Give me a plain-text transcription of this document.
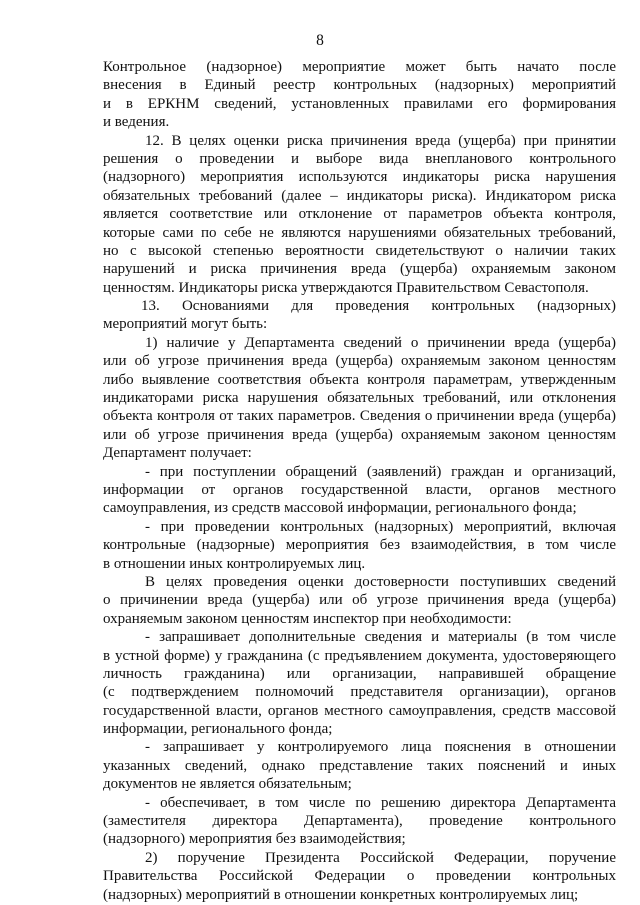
8
Контрольное (надзорное) мероприятие может быть начато после
внесения в Единый реестр контрольных (надзорных) мероприятий
и в ЕРКНМ сведений, установленных правилами его формирования
и ведения.
12. В целях оценки риска причинения вреда (ущерба) при принятии
решения о проведении и выборе вида внепланового контрольного
(надзорного) мероприятия используются индикаторы риска нарушения
обязательных требований (далее – индикаторы риска). Индикатором риска
является соответствие или отклонение от параметров объекта контроля,
которые сами по себе не являются нарушениями обязательных требований,
но с высокой степенью вероятности свидетельствуют о наличии таких
нарушений и риска причинения вреда (ущерба) охраняемым законом
ценностям. Индикаторы риска утверждаются Правительством Севастополя.
13. Основаниями для проведения контрольных (надзорных)
мероприятий могут быть:
1) наличие у Департамента сведений о причинении вреда (ущерба)
или об угрозе причинения вреда (ущерба) охраняемым законом ценностям
либо выявление соответствия объекта контроля параметрам, утвержденным
индикаторами риска нарушения обязательных требований, или отклонения
объекта контроля от таких параметров. Сведения о причинении вреда (ущерба)
или об угрозе причинения вреда (ущерба) охраняемым законом ценностям
Департамент получает:
- при поступлении обращений (заявлений) граждан и организаций,
информации от органов государственной власти, органов местного
самоуправления, из средств массовой информации, регионального фонда;
- при проведении контрольных (надзорных) мероприятий, включая
контрольные (надзорные) мероприятия без взаимодействия, в том числе
в отношении иных контролируемых лиц.
В целях проведения оценки достоверности поступивших сведений
о причинении вреда (ущерба) или об угрозе причинения вреда (ущерба)
охраняемым законом ценностям инспектор при необходимости:
- запрашивает дополнительные сведения и материалы (в том числе
в устной форме) у гражданина (с предъявлением документа, удостоверяющего
личность гражданина) или организации, направившей обращение
(с подтверждением полномочий представителя организации), органов
государственной власти, органов местного самоуправления, средств массовой
информации, регионального фонда;
- запрашивает у контролируемого лица пояснения в отношении
указанных сведений, однако представление таких пояснений и иных
документов не является обязательным;
- обеспечивает, в том числе по решению директора Департамента
(заместителя директора Департамента), проведение контрольного
(надзорного) мероприятия без взаимодействия;
2) поручение Президента Российской Федерации, поручение
Правительства Российской Федерации о проведении контрольных
(надзорных) мероприятий в отношении конкретных контролируемых лиц;
